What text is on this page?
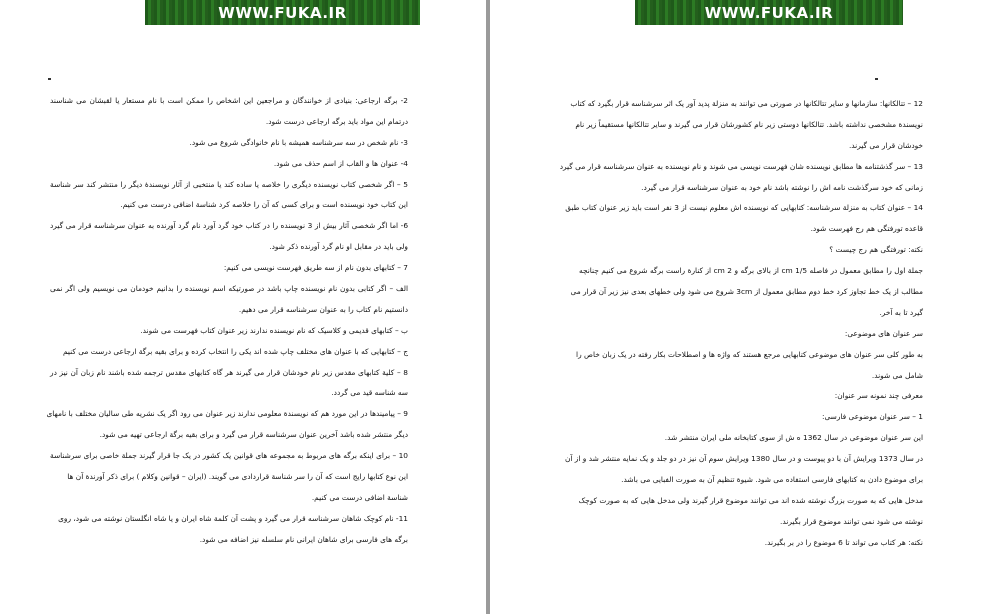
WWW.FUKA.IR
2- برگه ارجاعی: بنیادی از خوانندگان و مراجعین این اشخاص را ممکن است با نام مستعار یا لقبشان می شناسند
درتمام این مواد باید برگه ارجاعی درست شود.
3- نام شخص در سه سرشناسه همیشه با نام خانوادگی شروع می شود.
4- عنوان ها و القاب از اسم حذف می شود.
5 – اگر شخصی کتاب نویسنده دیگری را خلاصه یا ساده کند یا منتخبی از آثار نویسندۀ دیگر را منتشر کند سر شناسة
این کتاب خود نویسنده است و برای کسی که آن را خلاصه کرد شناسة اضافی درست می کنیم.
6- اما اگر شخصی آثار بیش از 3 نویسنده را در کتاب خود گرد آورد نام گرد آورنده به عنوان سرشناسه قرار می گیرد
ولی باید در مقابل او نام گرد آورنده ذکر شود.
7 – کتابهای بدون نام از سه طریق فهرست نویسی می کنیم:
الف – اگر کتابی بدون نام نویسنده چاپ باشد در صورتیکه اسم نویسنده را بدانیم خودمان می نویسیم ولی اگر نمی
دانستیم نام کتاب را به عنوان سرشناسه قرار می دهیم.
ب – کتابهای قدیمی و کلاسیک که نام نویسنده ندارند زیر عنوان کتاب فهرست می شوند.
ج – کتابهایی که با عنوان های مختلف چاپ شده اند یکی را انتخاب کرده و برای بقیه برگة ارجاعی درست می کنیم
8 – کلیة کتابهای مقدس زیر نام خودشان قرار می گیرند هر گاه کتابهای مقدس ترجمه شده باشند نام زبان آن نیز در
سه شناسه قید می گردد.
9 – پیامیندها در این مورد هم که نویسندة معلومی ندارند زیر عنوان می رود اگر یک نشریه طی سالیان مختلف با نامهای
دیگر منتشر شده باشد آخرین عنوان سرشناسه قرار می گیرد و برای بقیه برگة ارجاعی تهیه می شود.
10 – برای اینکه برگه های مربوط به مجموعه های قوانین یک کشور در یک جا قرار گیرند جملة خاصی برای سرشناسة
این نوع کتابها رایج است که آن را سر شناسة قراردادی می گویند. (ایران – قوانین وکلام ) برای ذکر آورندة آن ها
شناسة اضافی درست می کنیم.
11- نام کوچک شاهان سرشناسه قرار می گیرد و پشت آن کلمة شاه ایران و یا شاه انگلستان نوشته می شود، روی
برگه های فارسی برای شاهان ایرانی نام سلسله نیز اضافه می شود.
WWW.FUKA.IR
12 – تتالکانها: سازمانها و سایر تتالکانها در صورتی می توانند به منزلة پدید آور یک اثر سرشناسه قرار بگیرد که کتاب
نویسندة مشخصی نداشته باشد. تتالکانها دوستی زیر نام کشورشان قرار می گیرند و سایر تتالکانها مستقیماً زیر نام
خودشان قرار می گیرند.
13 – سر گذشتنامه ها مطابق نویسنده شان فهرست نویسی می شوند و نام نویسنده به عنوان سرشناسه قرار می گیرد
زمانی که خود سرگذشت نامه اش را نوشته باشد نام خود به عنوان سرشناسه قرار می گیرد.
14 – عنوان کتاب به منزلة سرشناسه: کتابهایی که نویسنده اش معلوم نیست از 3 نفر است باید زیر عنوان کتاب طبق
قاعده تورفتگی هم رج فهرست شود.
نکته: تورفتگی هم رج چیست ؟
جملة اول را مطابق معمول در فاصله 1/5 cm از بالای برگه و 2 cm از کنارة راست برگه شروع می کنیم چنانچه
مطالب از یک خط تجاوز کرد خط دوم مطابق معمول از 3cm شروع می شود ولی خطهای بعدی نیز زیر آن قرار می
گیرد تا به آخر.
سر عنوان های موضوعی:
به طور کلی سر عنوان های موضوعی کتابهایی مرجع هستند که واژه ها و اصطلاحات بکار رفته در یک زبان خاص را
شامل می شوند.
معرفی چند نمونه سر عنوان:
1 – سر عنوان موضوعی فارسی:
این سر عنوان موضوعی در سال 1362 ه ش از سوی کتابخانه ملی ایران منتشر شد.
در سال 1373 ویرایش آن با دو پیوست و در سال 1380 ویرایش سوم آن نیز در دو جلد و یک نمایه منتشر شد و از آن
برای موضوع دادن به کتابهای فارسی استفاده می شود. شیوة تنظیم آن به صورت الفبایی می باشد.
مدخل هایی که به صورت بزرگ نوشته شده اند می توانند موضوع قرار گیرند ولی مدخل هایی که به صورت کوچک
نوشته می شود نمی توانند موضوع قرار بگیرند.
نکته: هر کتاب می تواند تا 6 موضوع را در بر بگیرند.
